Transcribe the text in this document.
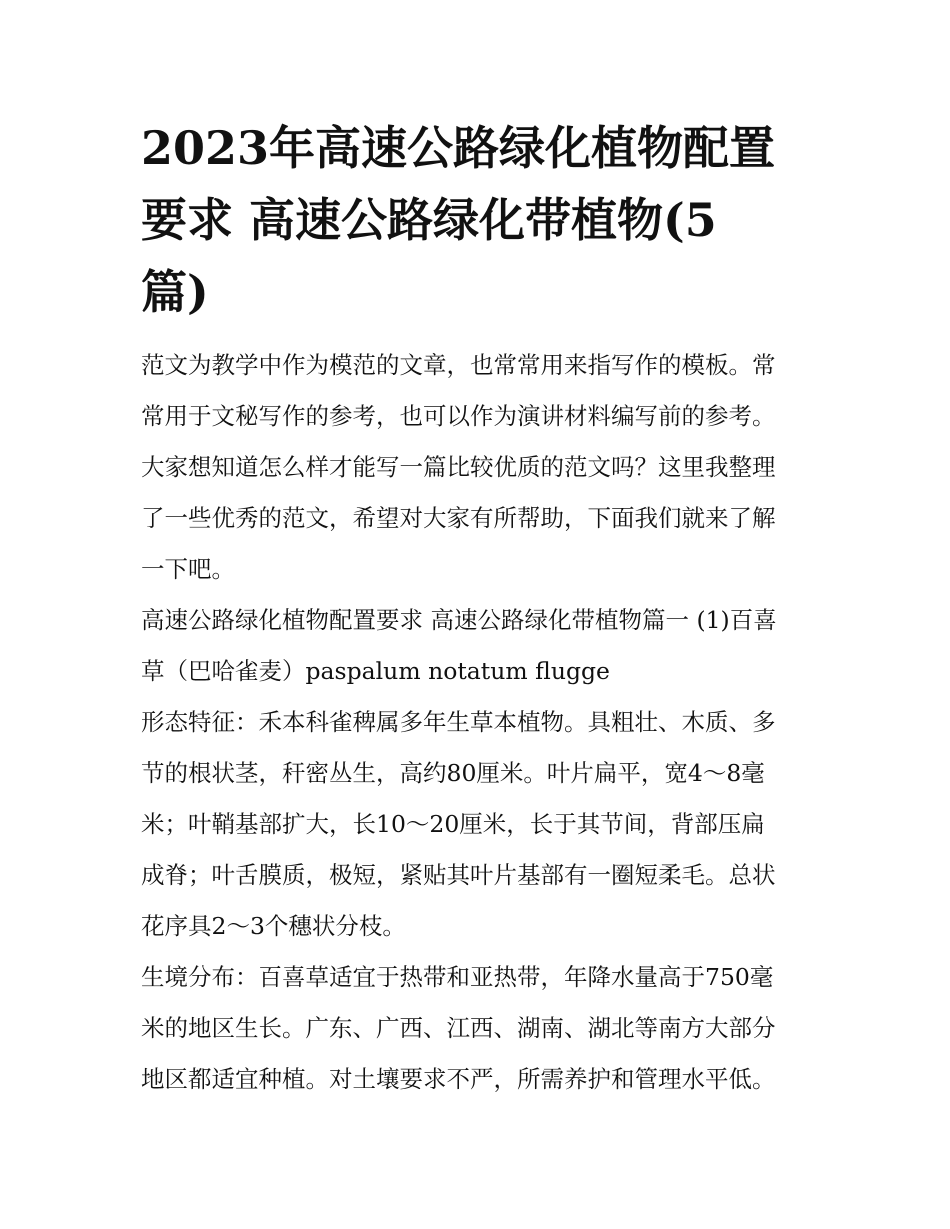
2023年高速公路绿化植物配置
要求 高速公路绿化带植物(5
篇)
范文为教学中作为模范的文章，也常常用来指写作的模板。常
常用于文秘写作的参考，也可以作为演讲材料编写前的参考。
大家想知道怎么样才能写一篇比较优质的范文吗？这里我整理
了一些优秀的范文，希望对大家有所帮助，下面我们就来了解
一下吧。
高速公路绿化植物配置要求 高速公路绿化带植物篇一 (1)百喜
草（巴哈雀麦）paspalum notatum flugge
形态特征：禾本科雀稗属多年生草本植物。具粗壮、木质、多
节的根状茎，秆密丛生，高约80厘米。叶片扁平，宽4～8毫
米；叶鞘基部扩大，长10～20厘米，长于其节间，背部压扁
成脊；叶舌膜质，极短，紧贴其叶片基部有一圈短柔毛。总状
花序具2～3个穗状分枝。
生境分布：百喜草适宜于热带和亚热带，年降水量高于750毫
米的地区生长。广东、广西、江西、湖南、湖北等南方大部分
地区都适宜种植。对土壤要求不严，所需养护和管理水平低。
